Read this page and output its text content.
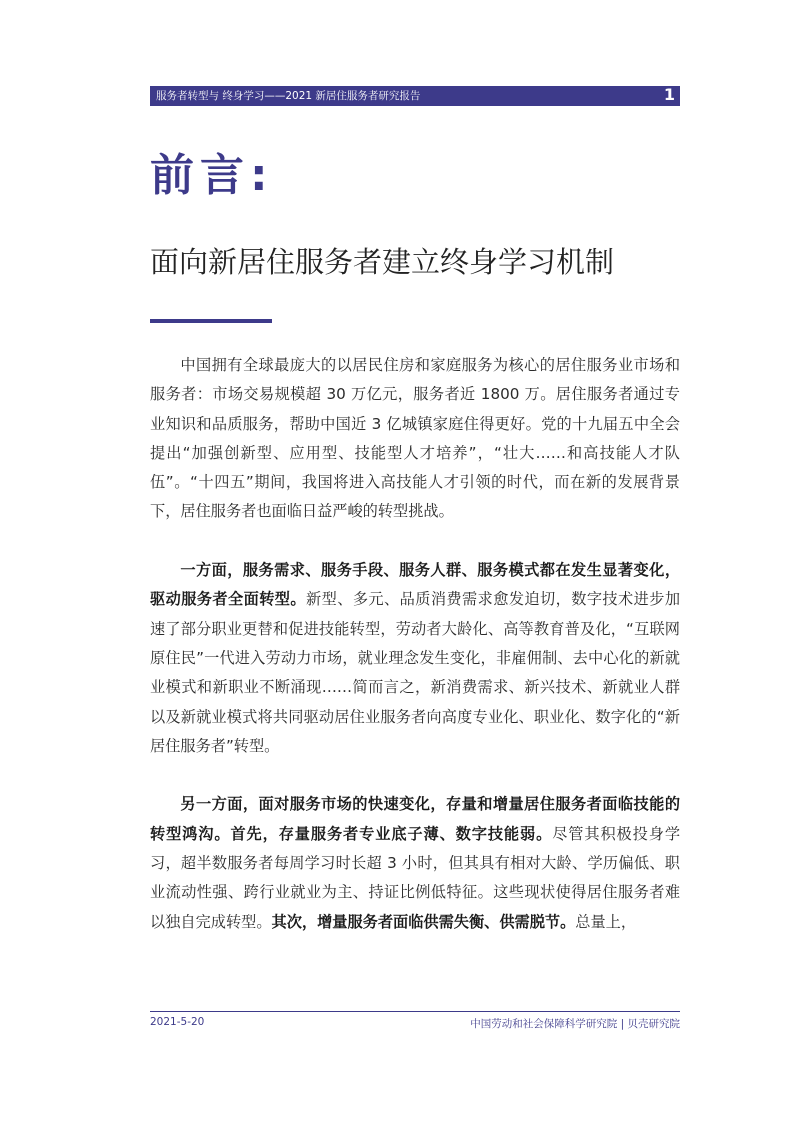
服务者转型与 终身学习——2021 新居住服务者研究报告	1
前言:
面向新居住服务者建立终身学习机制

中国拥有全球最庞大的以居民住房和家庭服务为核心的居住服务业市场和服务者：市场交易规模超 30 万亿元，服务者近 1800 万。居住服务者通过专业知识和品质服务，帮助中国近 3 亿城镇家庭住得更好。党的十九届五中全会提出“加强创新型、应用型、技能型人才培养”，“壮大……和高技能人才队伍”。“十四五”期间，我国将进入高技能人才引领的时代，而在新的发展背景下，居住服务者也面临日益严峻的转型挑战。

一方面，服务需求、服务手段、服务人群、服务模式都在发生显著变化，驱动服务者全面转型。新型、多元、品质消费需求愈发迫切，数字技术进步加速了部分职业更替和促进技能转型，劳动者大龄化、高等教育普及化，“互联网原住民”一代进入劳动力市场，就业理念发生变化，非雇佣制、去中心化的新就业模式和新职业不断涌现……简而言之，新消费需求、新兴技术、新就业人群以及新就业模式将共同驱动居住业服务者向高度专业化、职业化、数字化的“新居住服务者”转型。

另一方面，面对服务市场的快速变化，存量和增量居住服务者面临技能的转型鸿沟。首先，存量服务者专业底子薄、数字技能弱。尽管其积极投身学习，超半数服务者每周学习时长超 3 小时，但其具有相对大龄、学历偏低、职业流动性强、跨行业就业为主、持证比例低特征。这些现状使得居住服务者难以独自完成转型。其次，增量服务者面临供需失衡、供需脱节。总量上，

2021-5-20	中国劳动和社会保障科学研究院 | 贝壳研究院
